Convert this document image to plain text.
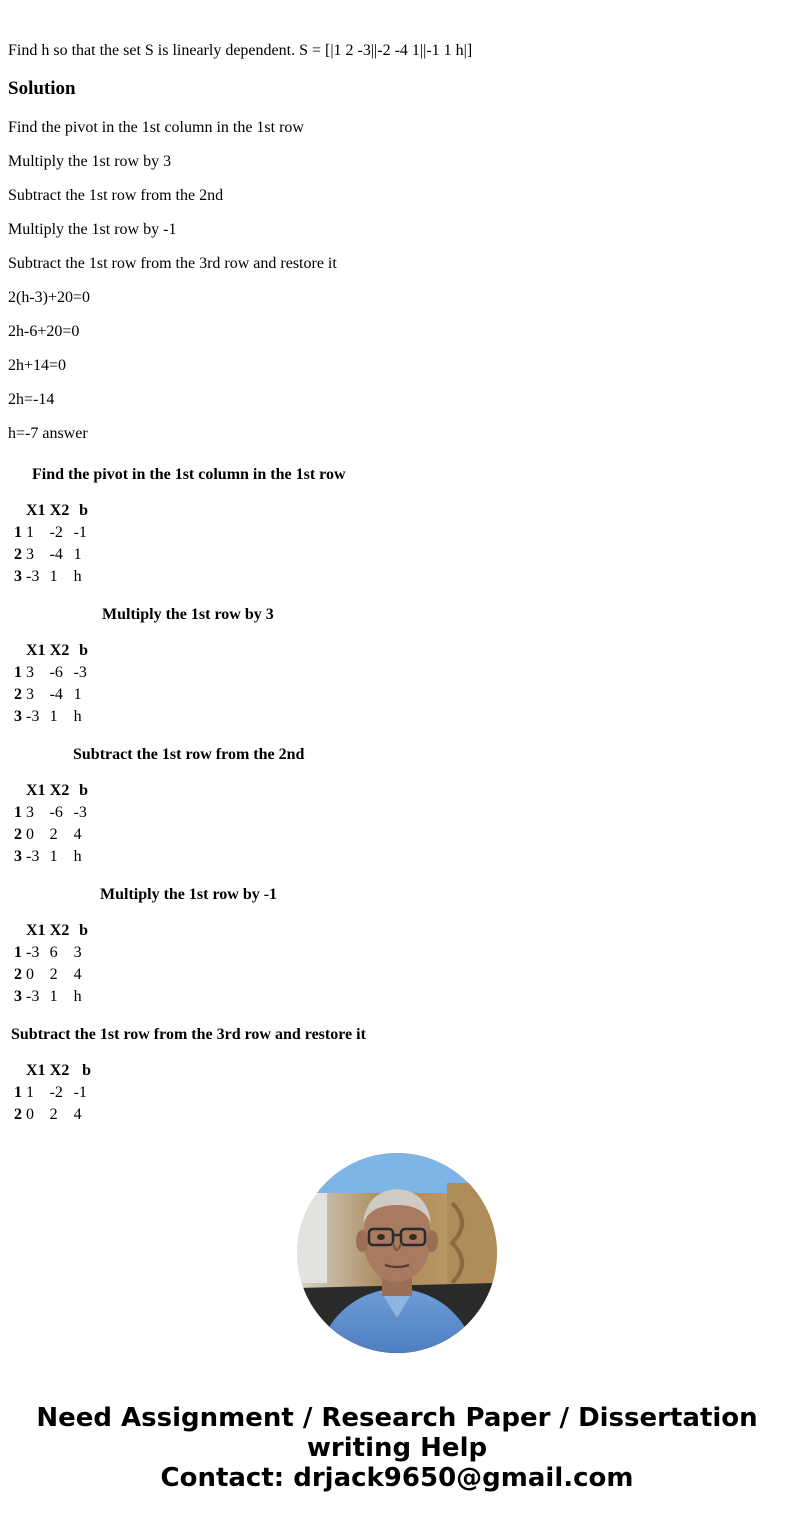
Find h so that the set S is linearly dependent. S = [|1 2 -3||-2 -4 1||-1 1 h|]
Solution
Find the pivot in the 1st column in the 1st row
Multiply the 1st row by 3
Subtract the 1st row from the 2nd
Multiply the 1st row by -1
Subtract the 1st row from the 3rd row and restore it
2(h-3)+20=0
2h-6+20=0
2h+14=0
2h=-14
h=-7 answer
Find the pivot in the 1st column in the 1st row
	X1	X2	b
1	1	-2	-1
2	3	-4	1
3	-3	1	h
Multiply the 1st row by 3
	X1	X2	b
1	3	-6	-3
2	3	-4	1
3	-3	1	h
Subtract the 1st row from the 2nd
	X1	X2	b
1	3	-6	-3
2	0	2	4
3	-3	1	h
Multiply the 1st row by -1
	X1	X2	b
1	-3	6	3
2	0	2	4
3	-3	1	h
Subtract the 1st row from the 3rd row and restore it
	X1	X2	b
1	1	-2	-1
2	0	2	4
Need Assignment / Research Paper / Dissertation
writing Help
Contact: drjack9650@gmail.com
